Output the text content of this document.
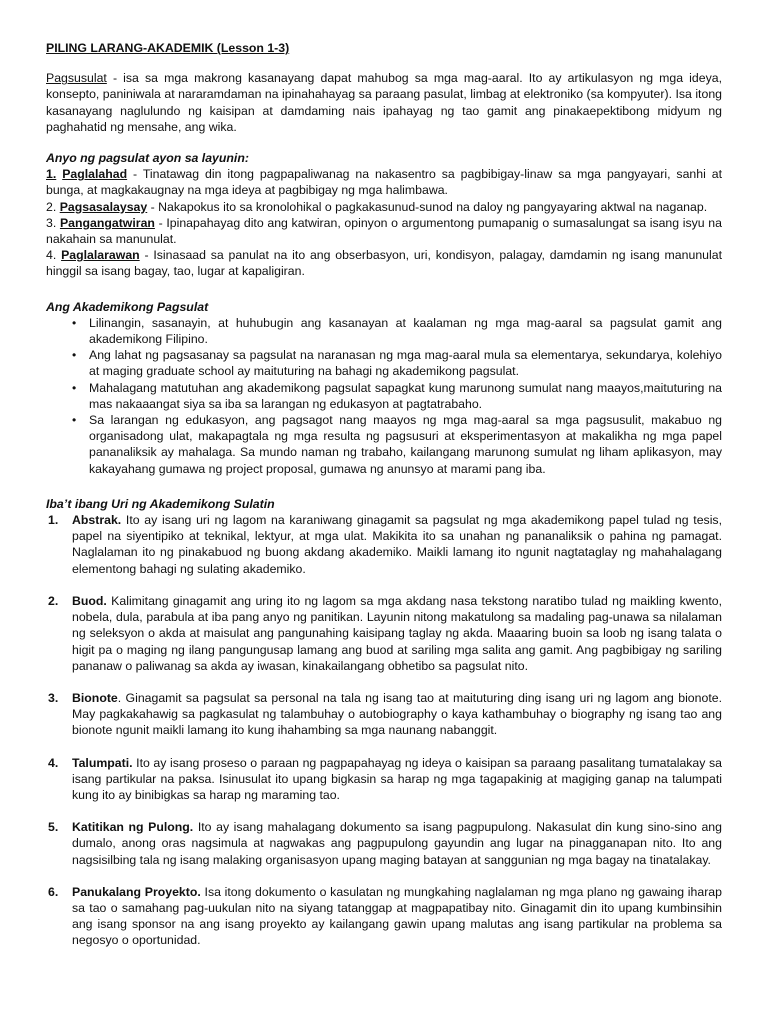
PILING LARANG-AKADEMIK (Lesson 1-3)

Pagsusulat - isa sa mga makrong kasanayang dapat mahubog sa mga mag-aaral. Ito ay artikulasyon ng mga ideya, konsepto, paniniwala at nararamdaman na ipinahahayag sa paraang pasulat, limbag at elektroniko (sa kompyuter). Isa itong kasanayang naglulundo ng kaisipan at damdaming nais ipahayag ng tao gamit ang pinakaepektibong midyum ng paghahatid ng mensahe, ang wika.

Anyo ng pagsulat ayon sa layunin:

1. Paglalahad - Tinatawag din itong pagpapaliwanag na nakasentro sa pagbibigay-linaw sa mga pangyayari, sanhi at bunga, at magkakaugnay na mga ideya at pagbibigay ng mga halimbawa.

2. Pagsasalaysay - Nakapokus ito sa kronolohikal o pagkakasunud-sunod na daloy ng pangyayaring aktwal na naganap.

3. Pangangatwiran - Ipinapahayag dito ang katwiran, opinyon o argumentong pumapanig o sumasalungat sa isang isyu na nakahain sa manunulat.

4. Paglalarawan - Isinasaad sa panulat na ito ang obserbasyon, uri, kondisyon, palagay, damdamin ng isang manunulat hinggil sa isang bagay, tao, lugar at kapaligiran.

Ang Akademikong Pagsulat

• Lilinangin, sasanayin, at huhubugin ang kasanayan at kaalaman ng mga mag-aaral sa pagsulat gamit ang akademikong Filipino.
• Ang lahat ng pagsasanay sa pagsulat na naranasan ng mga mag-aaral mula sa elementarya, sekundarya, kolehiyo at maging graduate school ay maituturing na bahagi ng akademikong pagsulat.
• Mahalagang matutuhan ang akademikong pagsulat sapagkat kung marunong sumulat nang maayos,maituturing na mas nakaaangat siya sa iba sa larangan ng edukasyon at pagtatrabaho.
• Sa larangan ng edukasyon, ang pagsagot nang maayos ng mga mag-aaral sa mga pagsusulit, makabuo ng organisadong ulat, makapagtala ng mga resulta ng pagsusuri at eksperimentasyon at makalikha ng mga papel pananaliksik ay mahalaga. Sa mundo naman ng trabaho, kailangang marunong sumulat ng liham aplikasyon, may kakayahang gumawa ng project proposal, gumawa ng anunsyo at marami pang iba.

Iba’t ibang Uri ng Akademikong Sulatin

1. Abstrak. Ito ay isang uri ng lagom na karaniwang ginagamit sa pagsulat ng mga akademikong papel tulad ng tesis, papel na siyentipiko at teknikal, lektyur, at mga ulat. Makikita ito sa unahan ng pananaliksik o pahina ng pamagat. Naglalaman ito ng pinakabuod ng buong akdang akademiko. Maikli lamang ito ngunit nagtataglay ng mahahalagang elementong bahagi ng sulating akademiko.
2. Buod. Kalimitang ginagamit ang uring ito ng lagom sa mga akdang nasa tekstong naratibo tulad ng maikling kwento, nobela, dula, parabula at iba pang anyo ng panitikan. Layunin nitong makatulong sa madaling pag-unawa sa nilalaman ng seleksyon o akda at maisulat ang pangunahing kaisipang taglay ng akda. Maaaring buoin sa loob ng isang talata o higit pa o maging ng ilang pangungusap lamang ang buod at sariling mga salita ang gamit. Ang pagbibigay ng sariling pananaw o paliwanag sa akda ay iwasan, kinakailangang obhetibo sa pagsulat nito.
3. Bionote. Ginagamit sa pagsulat sa personal na tala ng isang tao at maituturing ding isang uri ng lagom ang bionote. May pagkakahawig sa pagkasulat ng talambuhay o autobiography o kaya kathambuhay o biography ng isang tao ang bionote ngunit maikli lamang ito kung ihahambing sa mga naunang nabanggit.
4. Talumpati. Ito ay isang proseso o paraan ng pagpapahayag ng ideya o kaisipan sa paraang pasalitang tumatalakay sa isang partikular na paksa. Isinusulat ito upang bigkasin sa harap ng mga tagapakinig at magiging ganap na talumpati kung ito ay binibigkas sa harap ng maraming tao.
5. Katitikan ng Pulong. Ito ay isang mahalagang dokumento sa isang pagpupulong. Nakasulat din kung sino-sino ang dumalo, anong oras nagsimula at nagwakas ang pagpupulong gayundin ang lugar na pinagganapan nito. Ito ang nagsisilbing tala ng isang malaking organisasyon upang maging batayan at sanggunian ng mga bagay na tinatalakay.
6. Panukalang Proyekto. Isa itong dokumento o kasulatan ng mungkahing naglalaman ng mga plano ng gawaing iharap sa tao o samahang pag-uukulan nito na siyang tatanggap at magpapatibay nito. Ginagamit din ito upang kumbinsihin ang isang sponsor na ang isang proyekto ay kailangang gawin upang malutas ang isang partikular na problema sa negosyo o oportunidad.
